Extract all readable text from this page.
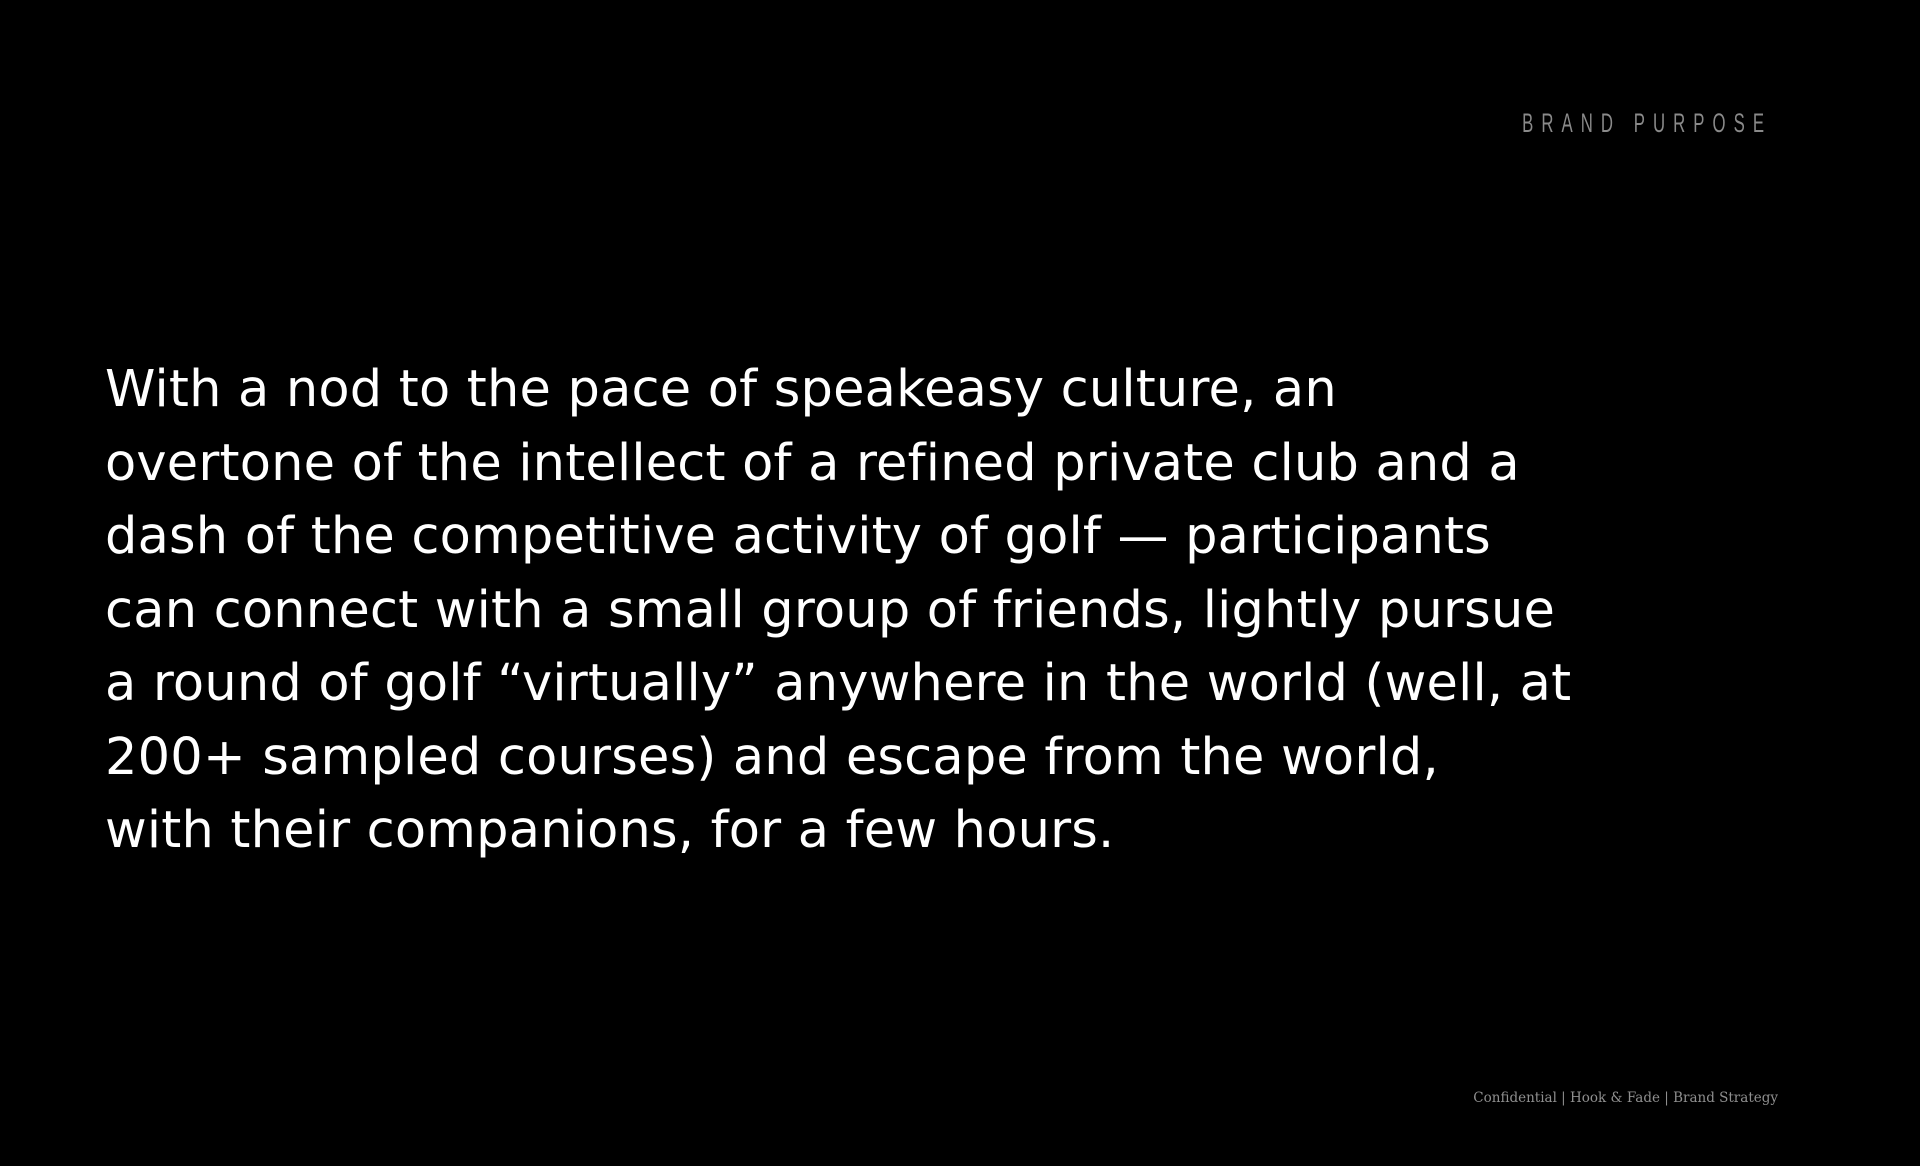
BRAND PURPOSE

With a nod to the pace of speakeasy culture, an
overtone of the intellect of a refined private club and a
dash of the competitive activity of golf — participants
can connect with a small group of friends, lightly pursue
a round of golf “virtually” anywhere in the world (well, at
200+ sampled courses) and escape from the world,
with their companions, for a few hours.

Confidential | Hook & Fade | Brand Strategy
